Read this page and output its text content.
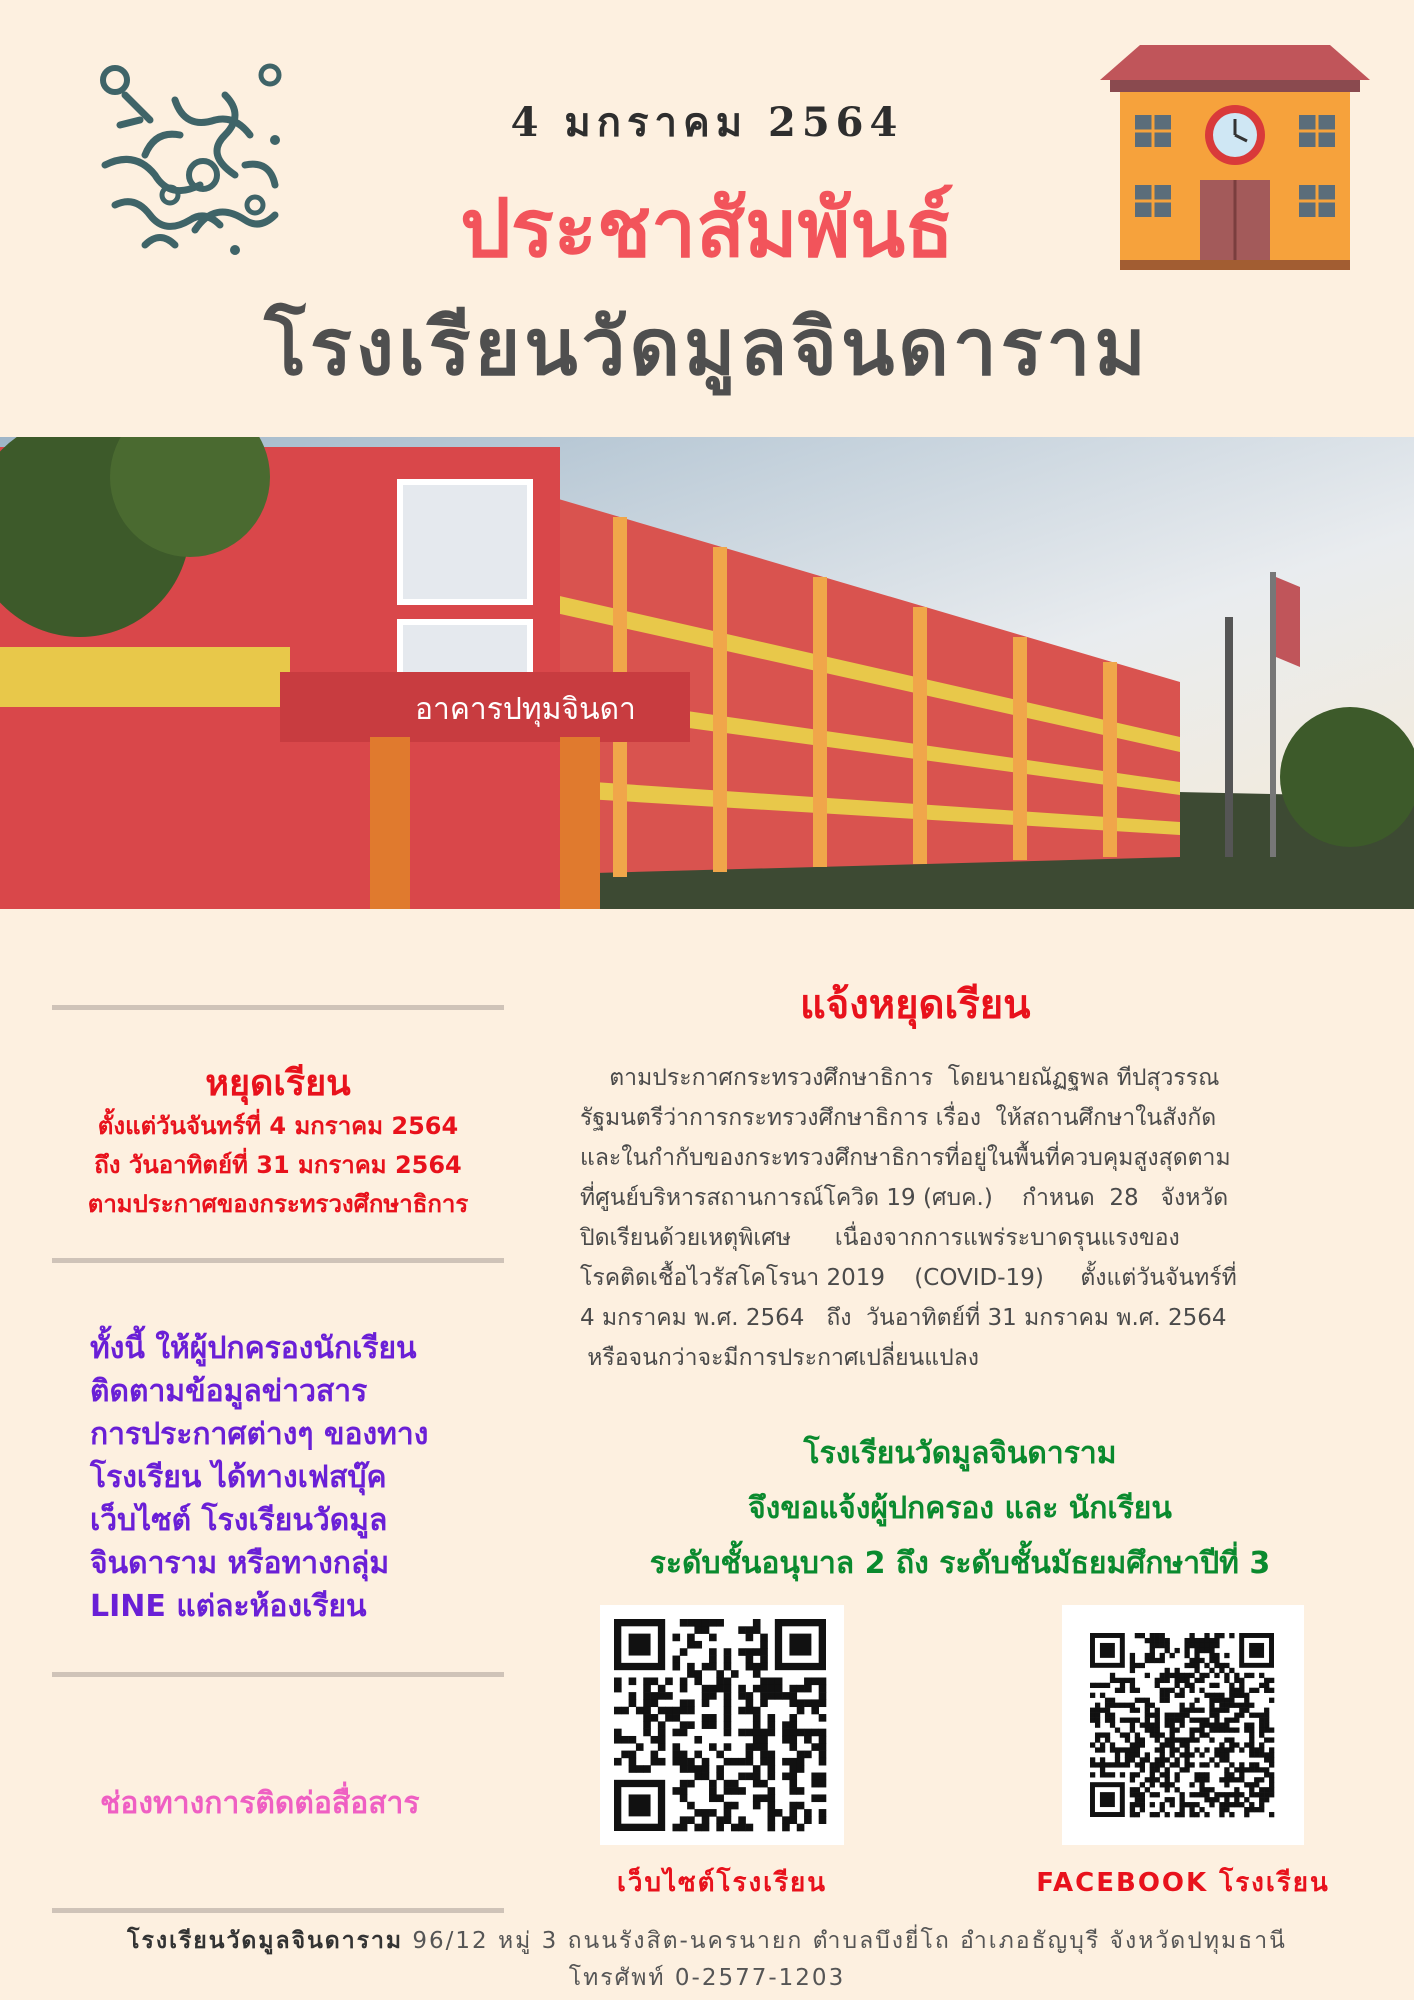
4 มกราคม 2564
ประชาสัมพันธ์
โรงเรียนวัดมูลจินดาราม
อาคารปทุมจินดา
หยุดเรียน
ตั้งแต่วันจันทร์ที่ 4 มกราคม 2564
ถึง วันอาทิตย์ที่ 31 มกราคม 2564
ตามประกาศของกระทรวงศึกษาธิการ
ทั้งนี้ ให้ผู้ปกครองนักเรียน
ติดตามข้อมูลข่าวสาร
การประกาศต่างๆ ของทาง
โรงเรียน ได้ทางเฟสบุ๊ค
เว็บไซต์ โรงเรียนวัดมูล
จินดาราม หรือทางกลุ่ม
LINE แต่ละห้องเรียน
ช่องทางการติดต่อสื่อสาร
แจ้งหยุดเรียน
ตามประกาศกระทรวงศึกษาธิการ  โดยนายณัฏฐพล ทีปสุวรรณ
รัฐมนตรีว่าการกระทรวงศึกษาธิการ เรื่อง  ให้สถานศึกษาในสังกัด
และในกำกับของกระทรวงศึกษาธิการที่อยู่ในพื้นที่ควบคุมสูงสุดตาม
ที่ศูนย์บริหารสถานการณ์โควิด 19 (ศบค.)    กำหนด  28   จังหวัด
ปิดเรียนด้วยเหตุพิเศษ      เนื่องจากการแพร่ระบาดรุนแรงของ
โรคติดเชื้อไวรัสโคโรนา 2019    (COVID-19)     ตั้งแต่วันจันทร์ที่
4 มกราคม พ.ศ. 2564   ถึง  วันอาทิตย์ที่ 31 มกราคม พ.ศ. 2564
หรือจนกว่าจะมีการประกาศเปลี่ยนแปลง
โรงเรียนวัดมูลจินดาราม
จึงขอแจ้งผู้ปกครอง และ นักเรียน
ระดับชั้นอนุบาล 2 ถึง ระดับชั้นมัธยมศึกษาปีที่ 3
เว็บไซต์โรงเรียน	FACEBOOK โรงเรียน
โรงเรียนวัดมูลจินดาราม 96/12 หมู่ 3 ถนนรังสิต-นครนายก ตำบลบึงยี่โถ อำเภอธัญบุรี จังหวัดปทุมธานี
โทรศัพท์ 0-2577-1203
